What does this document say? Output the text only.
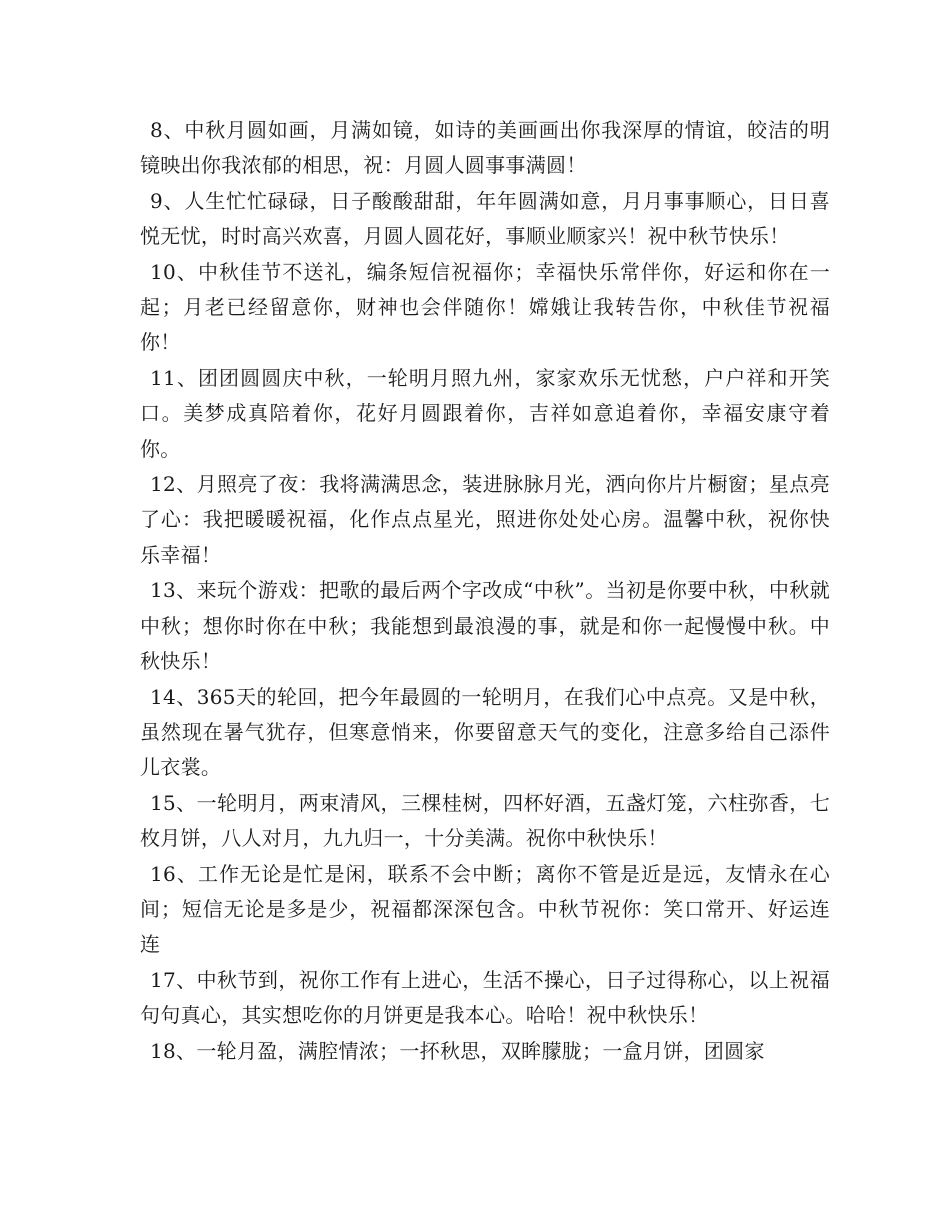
8、中秋月圆如画，月满如镜，如诗的美画画出你我深厚的情谊，皎洁的明镜映出你我浓郁的相思，祝：月圆人圆事事满圆！

9、人生忙忙碌碌，日子酸酸甜甜，年年圆满如意，月月事事顺心，日日喜悦无忧，时时高兴欢喜，月圆人圆花好，事顺业顺家兴！祝中秋节快乐！

10、中秋佳节不送礼，编条短信祝福你；幸福快乐常伴你，好运和你在一起；月老已经留意你，财神也会伴随你！嫦娥让我转告你，中秋佳节祝福你！

11、团团圆圆庆中秋，一轮明月照九州，家家欢乐无忧愁，户户祥和开笑口。美梦成真陪着你，花好月圆跟着你，吉祥如意追着你，幸福安康守着你。

12、月照亮了夜：我将满满思念，装进脉脉月光，洒向你片片橱窗；星点亮了心：我把暖暖祝福，化作点点星光，照进你处处心房。温馨中秋，祝你快乐幸福！

13、来玩个游戏：把歌的最后两个字改成“中秋”。当初是你要中秋，中秋就中秋；想你时你在中秋；我能想到最浪漫的事，就是和你一起慢慢中秋。中秋快乐！

14、365天的轮回，把今年最圆的一轮明月，在我们心中点亮。又是中秋，虽然现在暑气犹存，但寒意悄来，你要留意天气的变化，注意多给自己添件儿衣裳。

15、一轮明月，两束清风，三棵桂树，四杯好酒，五盏灯笼，六柱弥香，七枚月饼，八人对月，九九归一，十分美满。祝你中秋快乐！

16、工作无论是忙是闲，联系不会中断；离你不管是近是远，友情永在心间；短信无论是多是少，祝福都深深包含。中秋节祝你：笑口常开、好运连连

17、中秋节到，祝你工作有上进心，生活不操心，日子过得称心，以上祝福句句真心，其实想吃你的月饼更是我本心。哈哈！祝中秋快乐！

18、一轮月盈，满腔情浓；一抔秋思，双眸朦胧；一盒月饼，团圆家
